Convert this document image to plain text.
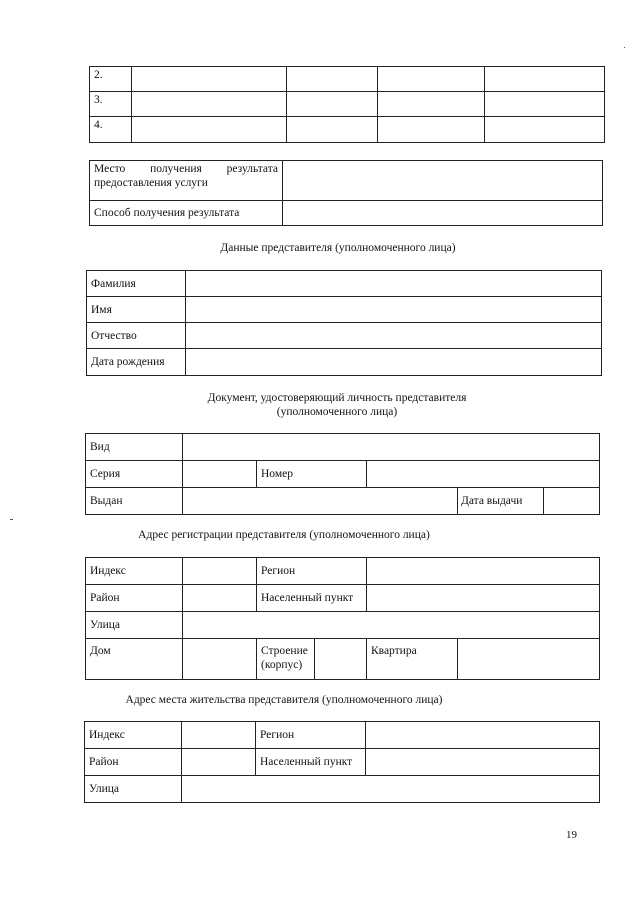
2.				
3.				
4.				
Место получения результата предоставления услуги	
Способ получения результата	
Данные представителя (уполномоченного лица)
Фамилия	
Имя	
Отчество	
Дата рождения	
Документ, удостоверяющий личность представителя
(уполномоченного лица)
Вид				
Серия		Номер		
Выдан				Дата выдачи
Адрес регистрации представителя (уполномоченного лица)
Индекс		Регион			
Район		Населенный пункт			
Улица					
Дом		Строение (корпус)		Квартира	
Адрес места жительства представителя (уполномоченного лица)
Индекс		Регион	
Район		Населенный пункт	
Улица			
19
